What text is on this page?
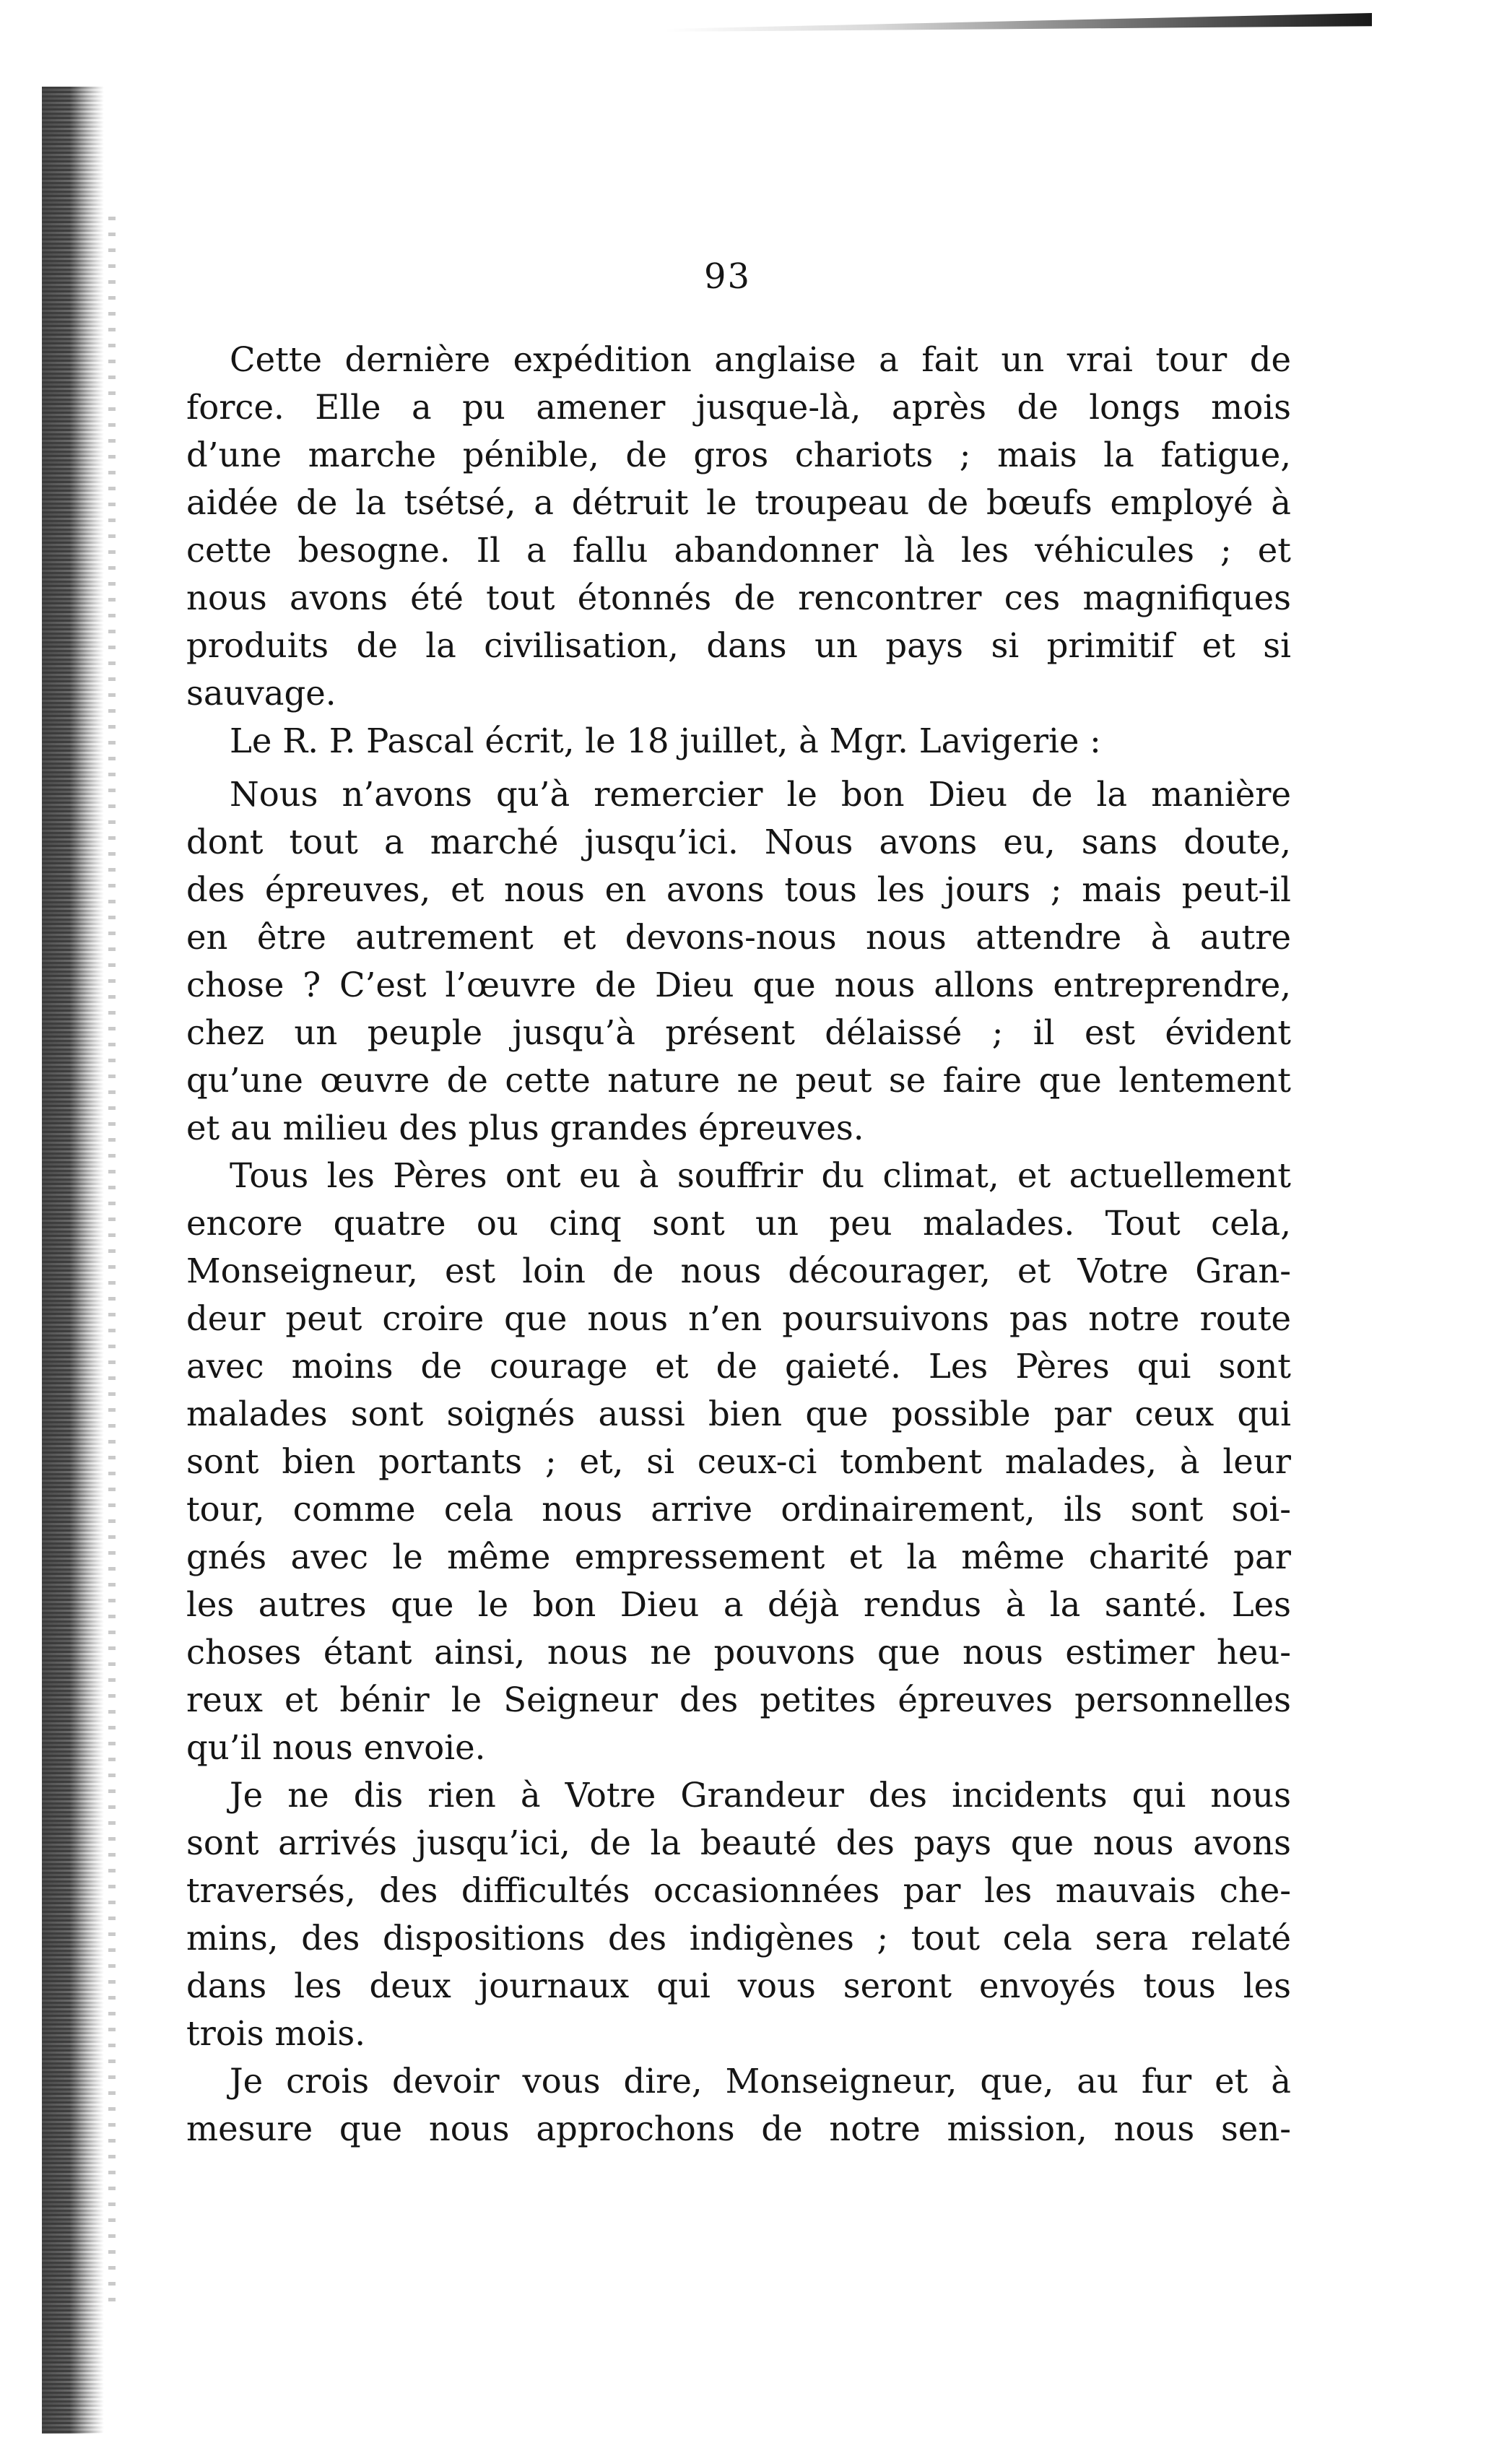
93
Cette dernière expédition anglaise a fait un vrai tour de
force. Elle a pu amener jusque-là, après de longs mois
d’une marche pénible, de gros chariots ; mais la fatigue,
aidée de la tsétsé, a détruit le troupeau de bœufs employé à
cette besogne. Il a fallu abandonner là les véhicules ; et
nous avons été tout étonnés de rencontrer ces magnifiques
produits de la civilisation, dans un pays si primitif et si
sauvage.
Le R. P. Pascal écrit, le 18 juillet, à Mgr. Lavigerie :
Nous n’avons qu’à remercier le bon Dieu de la manière
dont tout a marché jusqu’ici. Nous avons eu, sans doute,
des épreuves, et nous en avons tous les jours ; mais peut-il
en être autrement et devons-nous nous attendre à autre
chose ? C’est l’œuvre de Dieu que nous allons entreprendre,
chez un peuple jusqu’à présent délaissé ; il est évident
qu’une œuvre de cette nature ne peut se faire que lentement
et au milieu des plus grandes épreuves.
Tous les Pères ont eu à souffrir du climat, et actuellement
encore quatre ou cinq sont un peu malades. Tout cela,
Monseigneur, est loin de nous décourager, et Votre Gran-
deur peut croire que nous n’en poursuivons pas notre route
avec moins de courage et de gaieté. Les Pères qui sont
malades sont soignés aussi bien que possible par ceux qui
sont bien portants ; et, si ceux-ci tombent malades, à leur
tour, comme cela nous arrive ordinairement, ils sont soi-
gnés avec le même empressement et la même charité par
les autres que le bon Dieu a déjà rendus à la santé. Les
choses étant ainsi, nous ne pouvons que nous estimer heu-
reux et bénir le Seigneur des petites épreuves personnelles
qu’il nous envoie.
Je ne dis rien à Votre Grandeur des incidents qui nous
sont arrivés jusqu’ici, de la beauté des pays que nous avons
traversés, des difficultés occasionnées par les mauvais che-
mins, des dispositions des indigènes ; tout cela sera relaté
dans les deux journaux qui vous seront envoyés tous les
trois mois.
Je crois devoir vous dire, Monseigneur, que, au fur et à
mesure que nous approchons de notre mission, nous sen-
